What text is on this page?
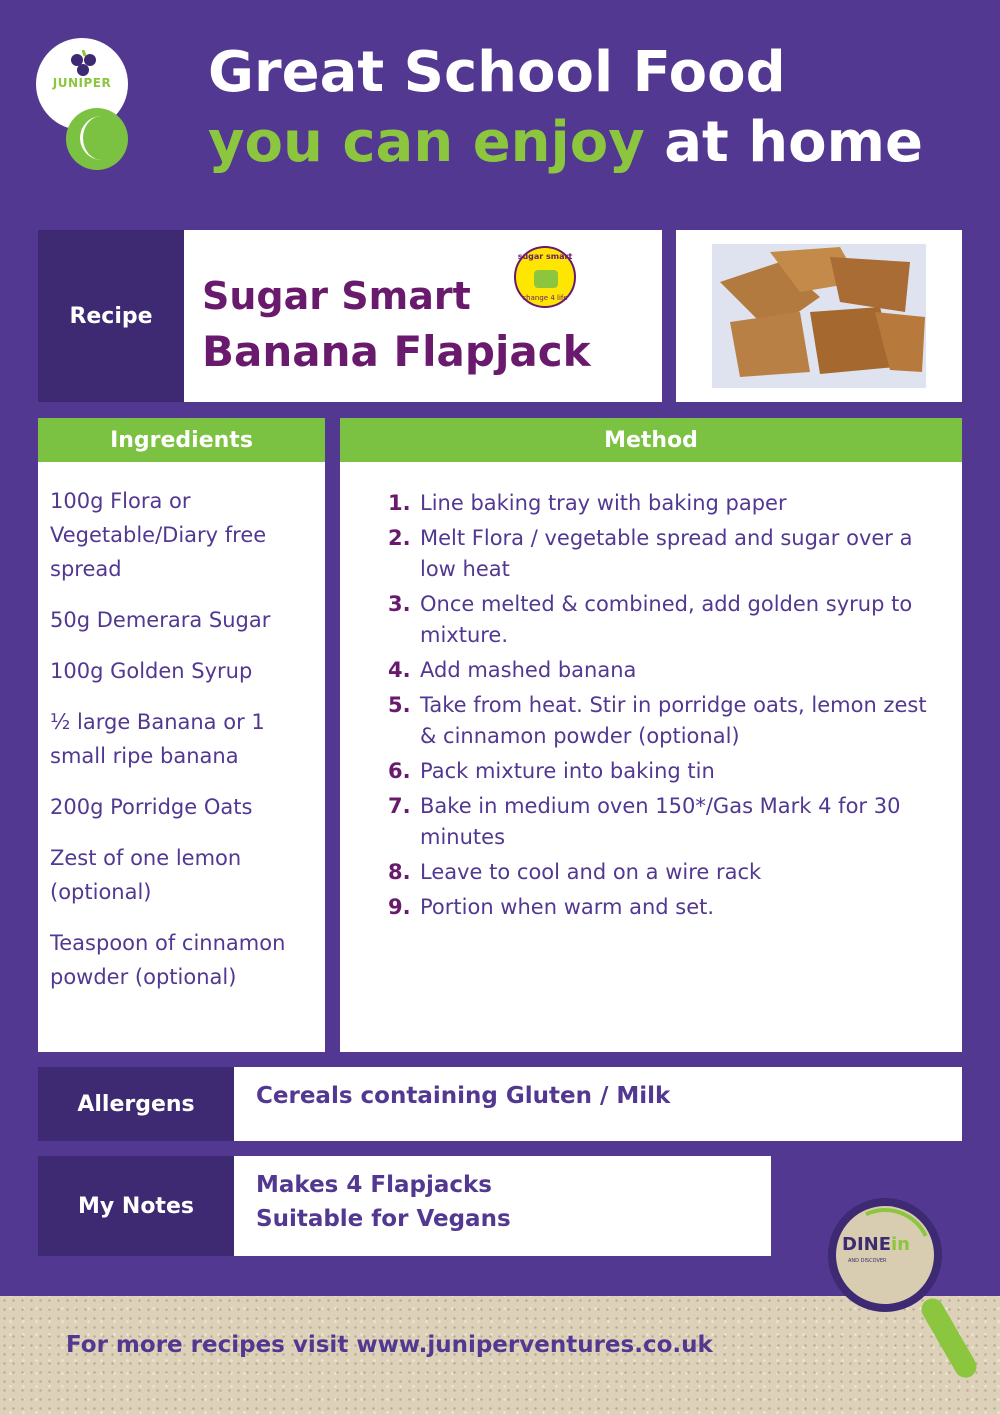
JUNIPER Great School Food
you can enjoy at home
Recipe	Sugar Smart
Banana Flapjack
sugar smart
change 4 life
Ingredients
100g Flora or Vegetable/Diary free spread
50g Demerara Sugar
100g Golden Syrup
½ large Banana or 1 small ripe banana
200g Porridge Oats
Zest of one lemon (optional)
Teaspoon of cinnamon powder (optional)
Method
1. Line baking tray with baking paper
2. Melt Flora / vegetable spread and sugar over a low heat
3. Once melted & combined, add golden syrup to mixture.
4. Add mashed banana
5. Take from heat. Stir in porridge oats, lemon zest & cinnamon powder (optional)
6. Pack mixture into baking tin
7. Bake in medium oven 150*/Gas Mark 4 for 30 minutes
8. Leave to cool and on a wire rack
9. Portion when warm and set.
Allergens	Cereals containing Gluten / Milk
My Notes
Makes 4 Flapjacks
Suitable for Vegans
For more recipes visit www.juniperventures.co.uk
DINEin
AND DISCOVER
